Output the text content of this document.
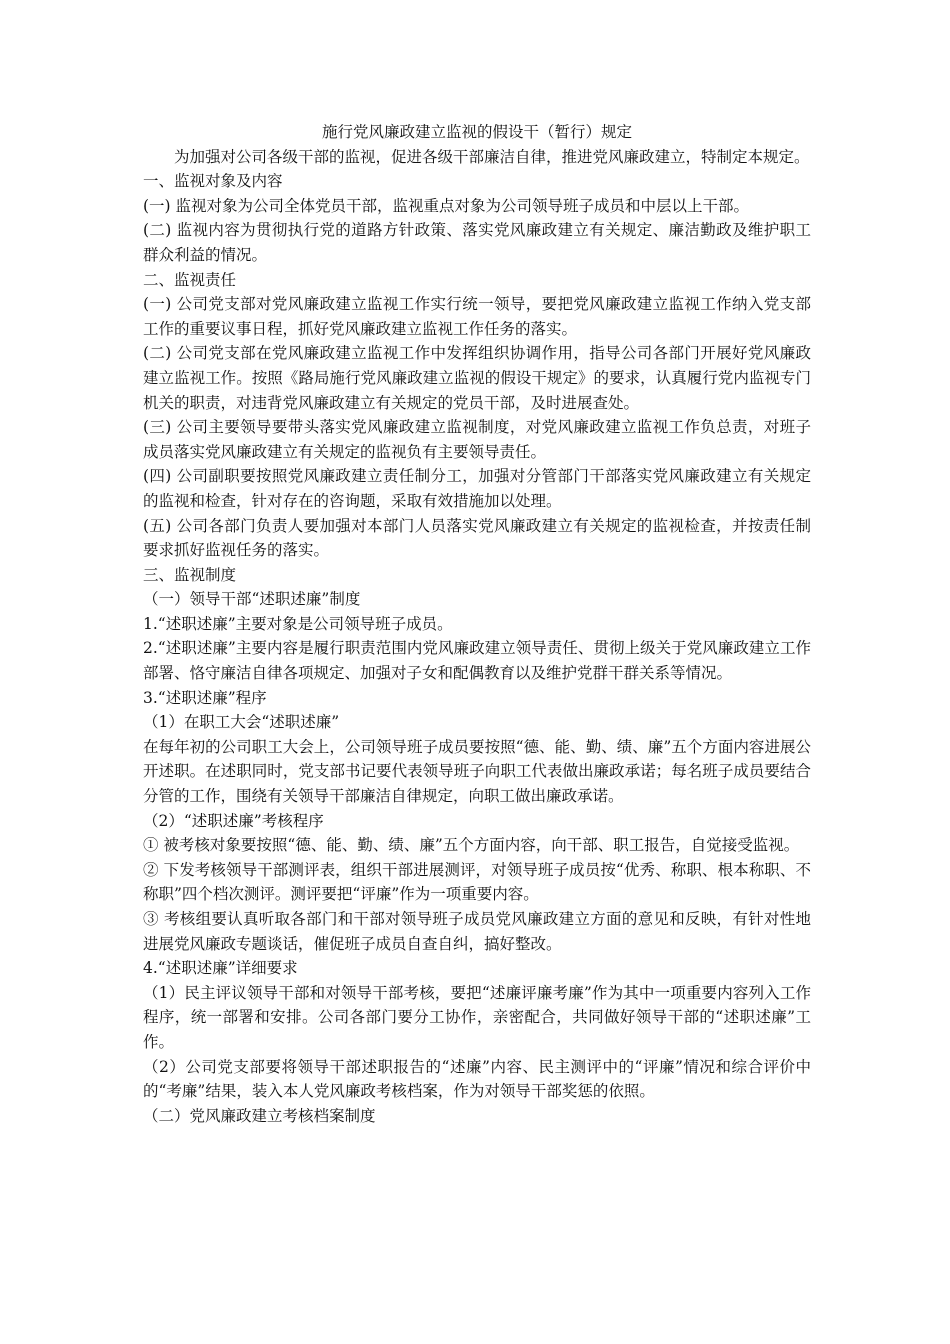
施行党风廉政建立监视的假设干（暂行）规定

为加强对公司各级干部的监视，促进各级干部廉洁自律，推进党风廉政建立，特制定本规定。

一、监视对象及内容

(一) 监视对象为公司全体党员干部，监视重点对象为公司领导班子成员和中层以上干部。

(二) 监视内容为贯彻执行党的道路方针政策、落实党风廉政建立有关规定、廉洁勤政及维护职工群众利益的情况。

二、监视责任

(一) 公司党支部对党风廉政建立监视工作实行统一领导，要把党风廉政建立监视工作纳入党支部工作的重要议事日程，抓好党风廉政建立监视工作任务的落实。

(二) 公司党支部在党风廉政建立监视工作中发挥组织协调作用，指导公司各部门开展好党风廉政建立监视工作。按照《路局施行党风廉政建立监视的假设干规定》的要求，认真履行党内监视专门机关的职责，对违背党风廉政建立有关规定的党员干部，及时进展查处。

(三) 公司主要领导要带头落实党风廉政建立监视制度，对党风廉政建立监视工作负总责，对班子成员落实党风廉政建立有关规定的监视负有主要领导责任。

(四) 公司副职要按照党风廉政建立责任制分工，加强对分管部门干部落实党风廉政建立有关规定的监视和检查，针对存在的咨询题，采取有效措施加以处理。

(五) 公司各部门负责人要加强对本部门人员落实党风廉政建立有关规定的监视检查，并按责任制要求抓好监视任务的落实。

三、监视制度

（一）领导干部“述职述廉”制度

1.“述职述廉”主要对象是公司领导班子成员。

2.“述职述廉”主要内容是履行职责范围内党风廉政建立领导责任、贯彻上级关于党风廉政建立工作部署、恪守廉洁自律各项规定、加强对子女和配偶教育以及维护党群干群关系等情况。

3.“述职述廉”程序

（1）在职工大会“述职述廉”

在每年初的公司职工大会上，公司领导班子成员要按照“德、能、勤、绩、廉”五个方面内容进展公开述职。在述职同时，党支部书记要代表领导班子向职工代表做出廉政承诺；每名班子成员要结合分管的工作，围绕有关领导干部廉洁自律规定，向职工做出廉政承诺。

（2）“述职述廉”考核程序

① 被考核对象要按照“德、能、勤、绩、廉”五个方面内容，向干部、职工报告，自觉接受监视。

② 下发考核领导干部测评表，组织干部进展测评，对领导班子成员按“优秀、称职、根本称职、不称职”四个档次测评。测评要把“评廉”作为一项重要内容。

③ 考核组要认真听取各部门和干部对领导班子成员党风廉政建立方面的意见和反映，有针对性地进展党风廉政专题谈话，催促班子成员自查自纠，搞好整改。

4.“述职述廉”详细要求

（1）民主评议领导干部和对领导干部考核，要把“述廉评廉考廉”作为其中一项重要内容列入工作程序，统一部署和安排。公司各部门要分工协作，亲密配合，共同做好领导干部的“述职述廉”工作。

（2）公司党支部要将领导干部述职报告的“述廉”内容、民主测评中的“评廉”情况和综合评价中的“考廉”结果，装入本人党风廉政考核档案，作为对领导干部奖惩的依照。

（二）党风廉政建立考核档案制度
